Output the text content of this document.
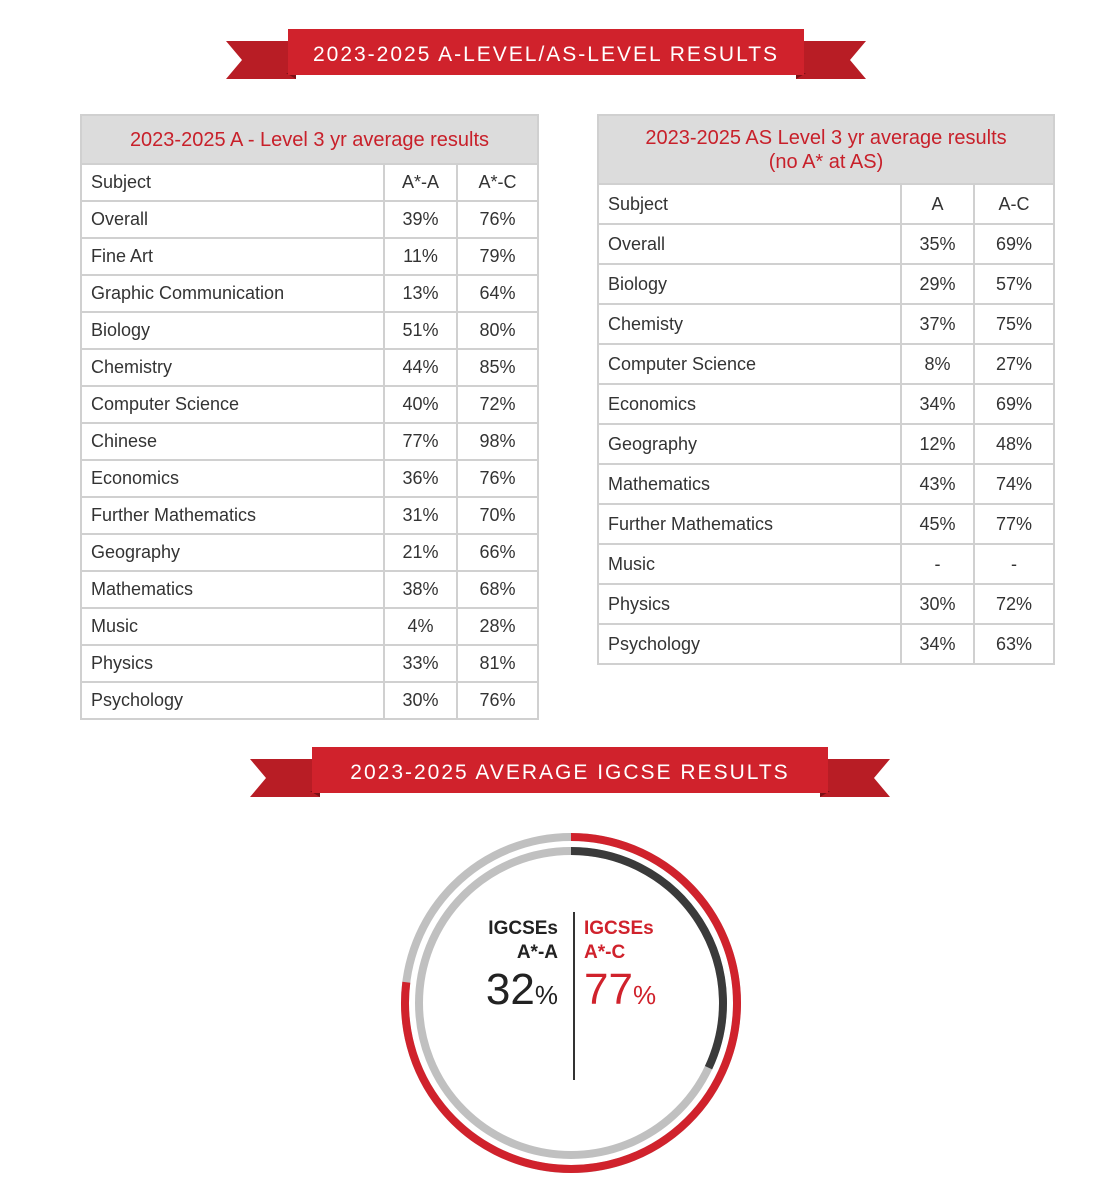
2023-2025 A-LEVEL/AS-LEVEL RESULTS
2023-2025 A - Level 3 yr average results		
Subject	A*-A	A*-C
Overall	39%	76%
Fine Art	11%	79%
Graphic Communication	13%	64%
Biology	51%	80%
Chemistry	44%	85%
Computer Science	40%	72%
Chinese	77%	98%
Economics	36%	76%
Further Mathematics	31%	70%
Geography	21%	66%
Mathematics	38%	68%
Music	4%	28%
Physics	33%	81%
Psychology	30%	76%
2023-2025 AS Level 3 yr average results
(no A* at AS)		
Subject	A	A-C
Overall	35%	69%
Biology	29%	57%
Chemisty	37%	75%
Computer Science	8%	27%
Economics	34%	69%
Geography	12%	48%
Mathematics	43%	74%
Further Mathematics	45%	77%
Music	-	-
Physics	30%	72%
Psychology	34%	63%
2023-2025 AVERAGE IGCSE RESULTS
IGCSEs
A*-A
32%
IGCSEs
A*-C
77%
